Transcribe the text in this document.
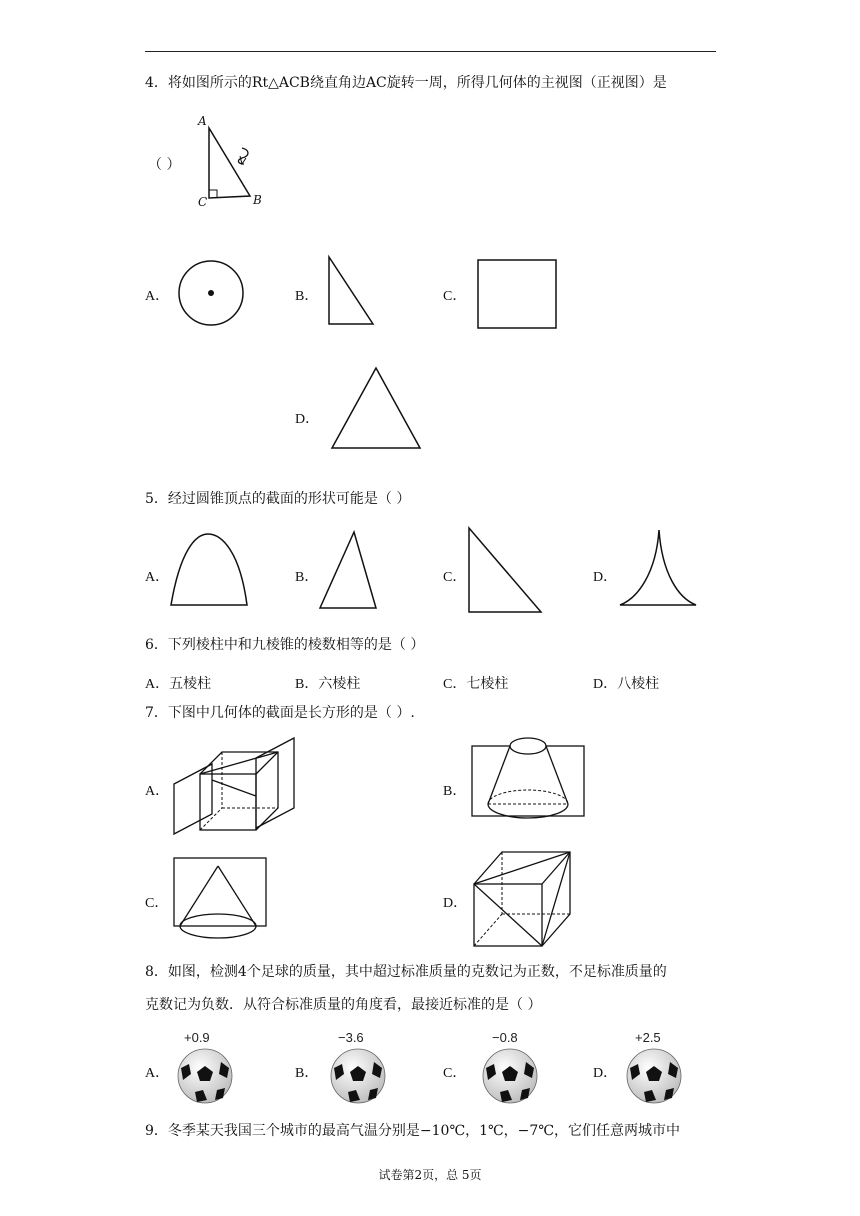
4．将如图所示的Rt△ACB绕直角边AC旋转一周，所得几何体的主视图（正视图）是
A
C	B
（ ）
A．	B．	C．
D．
5．经过圆锥顶点的截面的形状可能是（ ）
A．	B．	C．	D．
6．下列棱柱中和九棱锥的棱数相等的是（ ）
A．五棱柱	B．六棱柱	C．七棱柱	D．八棱柱
7．下图中几何体的截面是长方形的是（ ）.
A．	B．
C．	D．
8．如图，检测4个足球的质量，其中超过标准质量的克数记为正数，不足标准质量的
克数记为负数．从符合标准质量的角度看，最接近标准的是（ ）
A．
+0.9
B．
−3.6
C．
−0.8
D．
+2.5
9．冬季某天我国三个城市的最高气温分别是−10℃，1℃，−7℃，它们任意两城市中
试卷第2页，总 5页
